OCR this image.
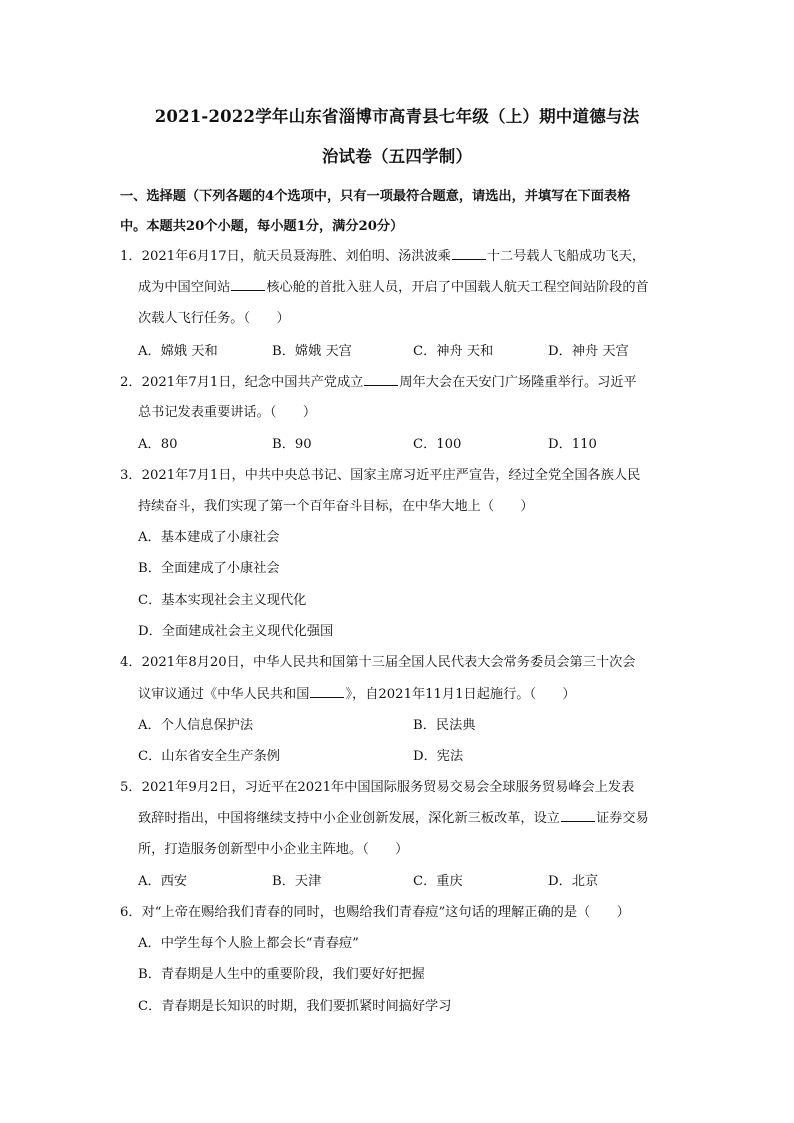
2021-2022学年山东省淄博市高青县七年级（上）期中道德与法
治试卷（五四学制）
一、选择题（下列各题的4个选项中，只有一项最符合题意，请选出，并填写在下面表格
中。本题共20个小题，每小题1分，满分20分）
1．2021年6月17日，航天员聂海胜、刘伯明、汤洪波乘	十二号载人飞船成功飞天，
成为中国空间站	核心舱的首批入驻人员，开启了中国载人航天工程空间站阶段的首
次载人飞行任务。（　　）
A．嫦娥 天和	B．嫦娥 天宫	C．神舟 天和	D．神舟 天宫
2．2021年7月1日，纪念中国共产党成立	周年大会在天安门广场隆重举行。习近平
总书记发表重要讲话。（　　）
A．80	B．90	C．100	D．110
3．2021年7月1日，中共中央总书记、国家主席习近平庄严宣告，经过全党全国各族人民
持续奋斗，我们实现了第一个百年奋斗目标，在中华大地上（　　）
A．基本建成了小康社会
B．全面建成了小康社会
C．基本实现社会主义现代化
D．全面建成社会主义现代化强国
4．2021年8月20日，中华人民共和国第十三届全国人民代表大会常务委员会第三十次会
议审议通过《中华人民共和国	》，自2021年11月1日起施行。（　　）
A．个人信息保护法	B．民法典
C．山东省安全生产条例	D．宪法
5．2021年9月2日，习近平在2021年中国国际服务贸易交易会全球服务贸易峰会上发表
致辞时指出，中国将继续支持中小企业创新发展，深化新三板改革，设立	证券交易
所，打造服务创新型中小企业主阵地。（　　）
A．西安	B．天津	C．重庆	D．北京
6．对“上帝在赐给我们青春的同时，也赐给我们青春痘”这句话的理解正确的是（　　）
A．中学生每个人脸上都会长“青春痘”
B．青春期是人生中的重要阶段，我们要好好把握
C．青春期是长知识的时期，我们要抓紧时间搞好学习
